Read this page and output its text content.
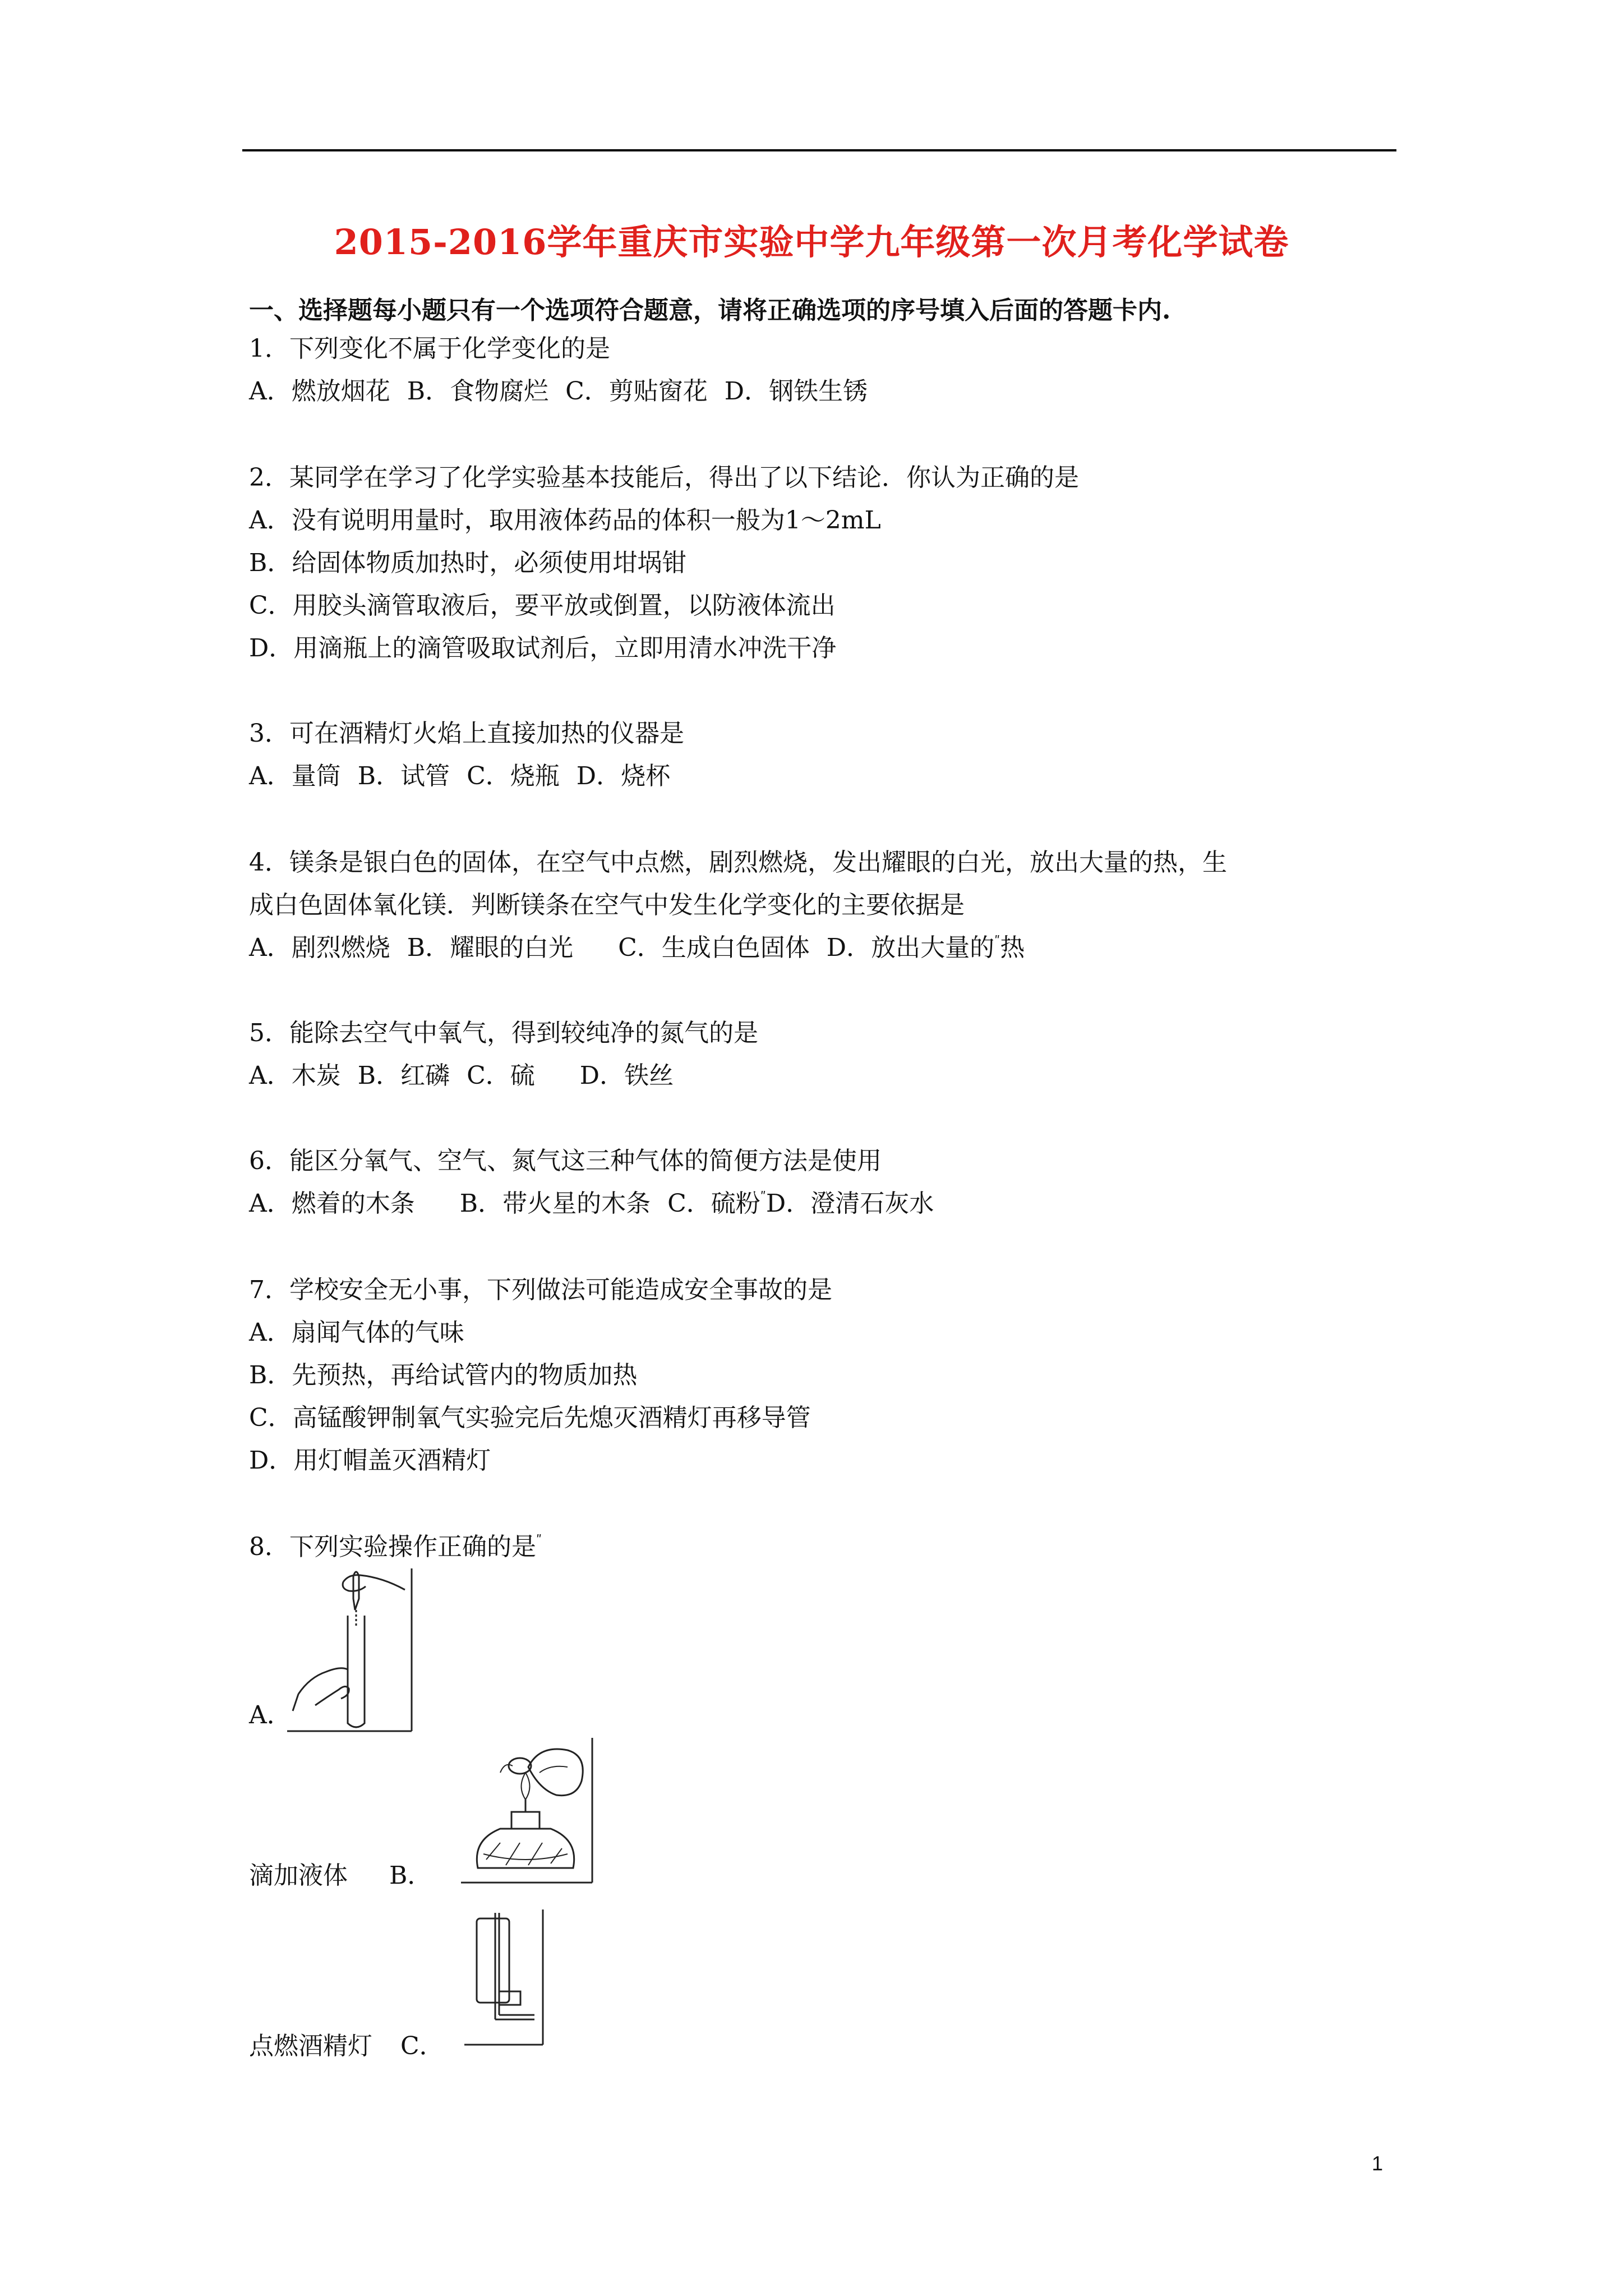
2015-2016学年重庆市实验中学九年级第一次月考化学试卷
一、选择题每小题只有一个选项符合题意，请将正确选项的序号填入后面的答题卡内.
1．下列变化不属于化学变化的是
A．燃放烟花 B．食物腐烂 C．剪贴窗花 D．钢铁生锈
2．某同学在学习了化学实验基本技能后，得出了以下结论．你认为正确的是
A．没有说明用量时，取用液体药品的体积一般为1～2mL
B．给固体物质加热时，必须使用坩埚钳
C．用胶头滴管取液后，要平放或倒置，以防液体流出
D．用滴瓶上的滴管吸取试剂后，立即用清水冲洗干净
3．可在酒精灯火焰上直接加热的仪器是
A．量筒 B．试管 C．烧瓶 D．烧杯
4．镁条是银白色的固体，在空气中点燃，剧烈燃烧，发出耀眼的白光，放出大量的热，生
成白色固体氧化镁．判断镁条在空气中发生化学变化的主要依据是
A．剧烈燃烧 B．耀眼的白光 C．生成白色固体 D．放出大量的$^ʺ$热
5．能除去空气中氧气，得到较纯净的氮气的是
A．木炭 B．红磷 C．硫 D．铁丝
6．能区分氧气、空气、氮气这三种气体的简便方法是使用
A．燃着的木条 B．带火星的木条 C．硫粉$^ʺ$D．澄清石灰水
7．学校安全无小事，下列做法可能造成安全事故的是
A．扇闻气体的气味
B．先预热，再给试管内的物质加热
C．高锰酸钾制氧气实验完后先熄灭酒精灯再移导管
D．用灯帽盖灭酒精灯
8．下列实验操作正确的是$^ʺ$
A．
滴加液体 B．
点燃酒精灯 C．
1
